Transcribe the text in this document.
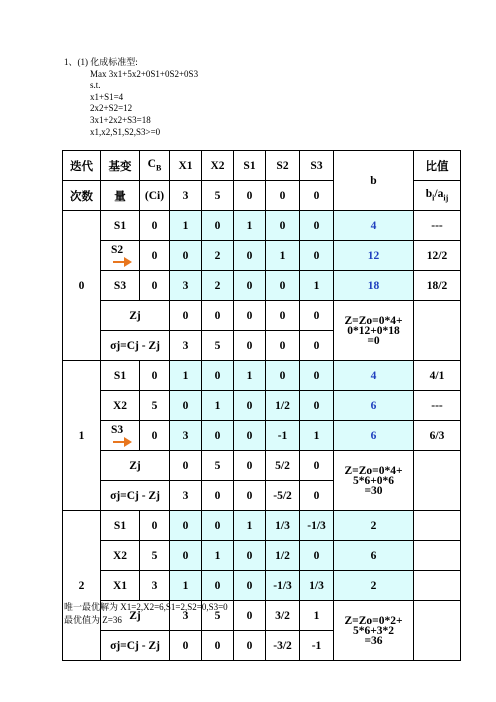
1、(1) 化成标准型:
Max 3x1+5x2+0S1+0S2+0S3
s.t.
x1+S1=4
2x2+S2=12
3x1+2x2+S3=18
x1,x2,S1,S2,S3>=0
迭代	基变	$C_B$	X1	X2	S1	S2	S3	b	比值
次数	量	(Ci)	3	5	0	0	0		$b_i/a_{ij}$
0	S1	0	1	0	1	0	0	4	---
	S2	0	0	2	0	1	0	12	12/2
	S3	0	3	2	0	0	1	18	18/2
	Zj		0	0	0	0	0	Z=Zo=0*4+
0*12+0*18
=0	

	σj=Cj - Zj		3	5	0	0	0		
1	S1	0	1	0	1	0	0	4	4/1
	X2	5	0	1	0	1/2	0	6	---
	S3	0	3	0	0	-1	1	6	6/3
	Zj		0	5	0	5/2	0	Z=Zo=0*4+
5*6+0*6
=30	

	σj=Cj - Zj		3	0	0	-5/2	0		
2	S1	0	0	0	1	1/3	-1/3	2	
	X2	5	0	1	0	1/2	0	6	
	X1	3	1	0	0	-1/3	1/3	2	
	Zj		3	5	0	3/2	1	Z=Zo=0*2+
5*6+3*2
=36	

	σj=Cj - Zj		0	0	0	-3/2	-1		
唯一最优解为 X1=2,X2=6,S1=2,S2=0,S3=0
最优值为 Z=36
